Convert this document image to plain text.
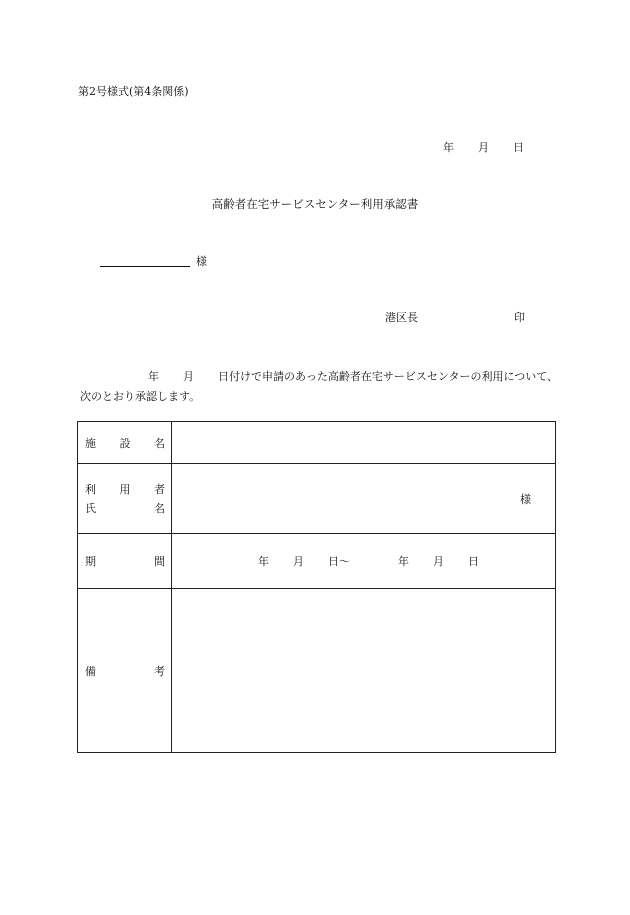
第2号様式(第4条関係)
年 月 日
高齢者在宅サービスセンター利用承認書
様
港区長	印
年 月 日付けで申請のあった高齢者在宅サービスセンターの利用について、次のとおり承認します。
施 設 名	

利 用 者
氏 名	様

期 間	年 月 日～ 年 月 日

備 考	
